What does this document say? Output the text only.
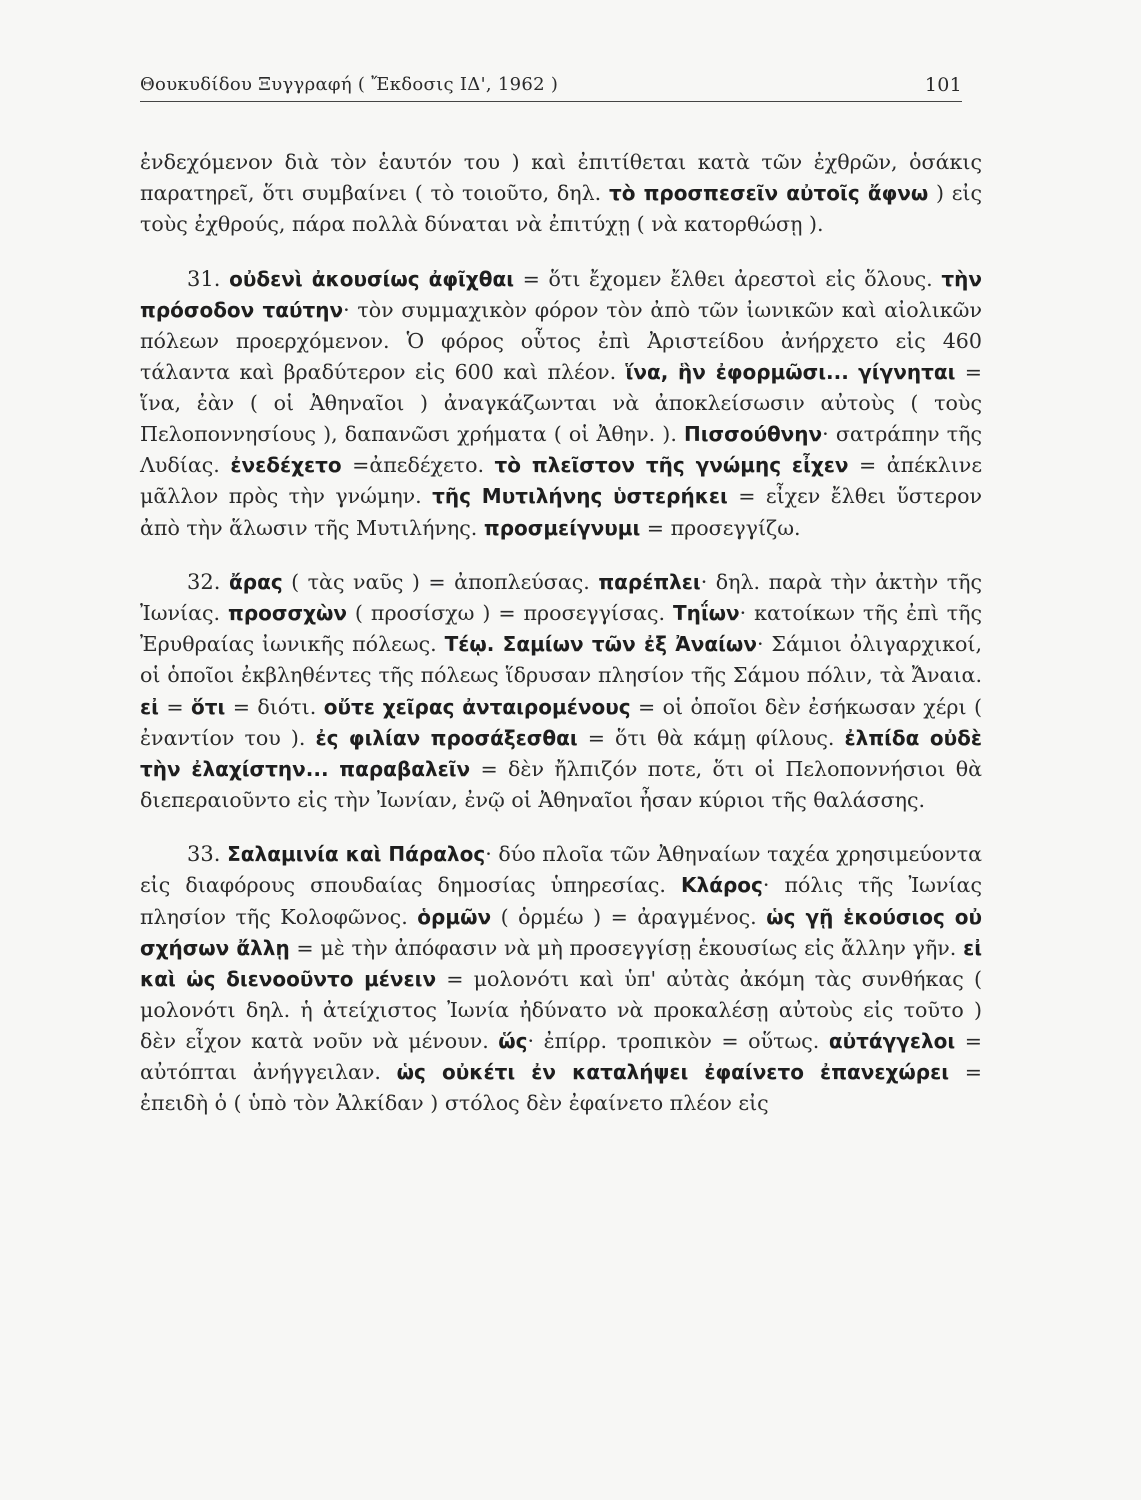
Θουκυδίδου Ξυγγραφή ( Ἔκδοσις ΙΔ', 1962 )	101

ἐνδεχόμενον διὰ τὸν ἑαυτόν του ) καὶ ἐπιτίθεται κατὰ τῶν ἐχθρῶν, ὁσάκις παρατηρεῖ, ὅτι συμβαίνει ( τὸ τοιοῦτο, δηλ. τὸ προσπεσεῖν αὐτοῖς ἄφνω ) εἰς τοὺς ἐχθρούς, πάρα πολλὰ δύναται νὰ ἐπιτύχῃ ( νὰ κατορθώσῃ ).

31. οὐδενὶ ἀκουσίως ἀφῖχθαι = ὅτι ἔχομεν ἔλθει ἀρεστοὶ εἰς ὅλους. τὴν πρόσοδον ταύτην· τὸν συμμαχικὸν φόρον τὸν ἀπὸ τῶν ἰωνικῶν καὶ αἰολικῶν πόλεων προερχόμενον. Ὁ φόρος οὗτος ἐπὶ Ἀριστείδου ἀνήρχετο εἰς 460 τάλαντα καὶ βραδύτερον εἰς 600 καὶ πλέον. ἵνα, ἣν ἐφορμῶσι... γίγνηται = ἵνα, ἐὰν ( οἱ Ἀθηναῖοι ) ἀναγκάζωνται νὰ ἀποκλείσωσιν αὐτοὺς ( τοὺς Πελοποννησίους ), δαπανῶσι χρήματα ( οἱ Ἀθην. ). Πισσούθνην· σατράπην τῆς Λυδίας. ἐνεδέχετο =ἀπεδέχετο. τὸ πλεῖστον τῆς γνώμης εἶχεν = ἀπέκλινε μᾶλλον πρὸς τὴν γνώμην. τῆς Μυτιλήνης ὑστερήκει = εἶχεν ἔλθει ὕστερον ἀπὸ τὴν ἅλωσιν τῆς Μυτιλήνης. προσμείγνυμι = προσεγγίζω.

32. ἄρας ( τὰς ναῦς ) = ἀποπλεύσας. παρέπλει· δηλ. παρὰ τὴν ἀκτὴν τῆς Ἰωνίας. προσσχὼν ( προσίσχω ) = προσεγγίσας. Τηΐων· κατοίκων τῆς ἐπὶ τῆς Ἐρυθραίας ἰωνικῆς πόλεως. Τέῳ. Σαμίων τῶν ἐξ Ἀναίων· Σάμιοι ὀλιγαρχικοί, οἱ ὁποῖοι ἐκβληθέντες τῆς πόλεως ἵδρυσαν πλησίον τῆς Σάμου πόλιν, τὰ Ἄναια. εἰ = ὅτι = διότι. οὔτε χεῖρας ἀνταιρομένους = οἱ ὁποῖοι δὲν ἐσήκωσαν χέρι ( ἐναντίον του ). ἐς φιλίαν προσάξεσθαι = ὅτι θὰ κάμῃ φίλους. ἐλπίδα οὐδὲ τὴν ἐλαχίστην... παραβαλεῖν = δὲν ἤλπιζόν ποτε, ὅτι οἱ Πελοποννήσιοι θὰ διεπεραιοῦντο εἰς τὴν Ἰωνίαν, ἐνῷ οἱ Ἀθηναῖοι ἦσαν κύριοι τῆς θαλάσσης.

33. Σαλαμινία καὶ Πάραλος· δύο πλοῖα τῶν Ἀθηναίων ταχέα χρησιμεύοντα εἰς διαφόρους σπουδαίας δημοσίας ὑπηρεσίας. Κλάρος· πόλις τῆς Ἰωνίας πλησίον τῆς Κολοφῶνος. ὁρμῶν ( ὁρμέω ) = ἀραγμένος. ὡς γῇ ἑκούσιος οὐ σχήσων ἄλλῃ = μὲ τὴν ἀπόφασιν νὰ μὴ προσεγγίσῃ ἑκουσίως εἰς ἄλλην γῆν. εἰ καὶ ὡς διενοοῦντο μένειν = μολονότι καὶ ὑπ' αὐτὰς ἀκόμη τὰς συνθήκας ( μολονότι δηλ. ἡ ἀτείχιστος Ἰωνία ἠδύνατο νὰ προκαλέσῃ αὐτοὺς εἰς τοῦτο ) δὲν εἶχον κατὰ νοῦν νὰ μένουν. ὥς· ἐπίρρ. τροπικὸν = οὕτως. αὐτάγγελοι = αὐτόπται ἀνήγγειλαν. ὡς οὐκέτι ἐν καταλήψει ἐφαίνετο ἐπανεχώρει = ἐπειδὴ ὁ ( ὑπὸ τὸν Ἀλκίδαν ) στόλος δὲν ἐφαίνετο πλέον εἰς
